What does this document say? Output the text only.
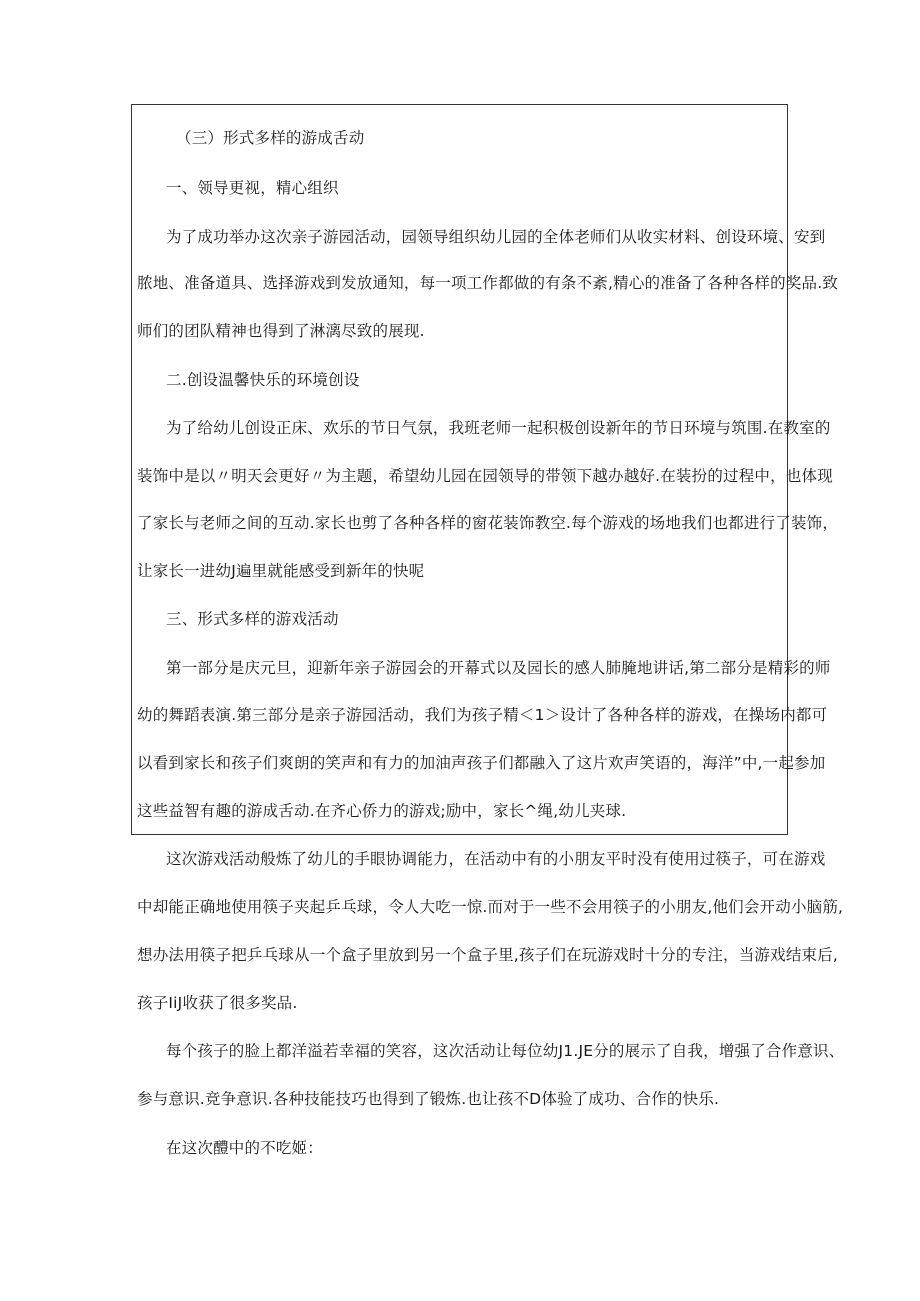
（三）形式多样的游成舌动

一、领导更视，精心组织

为了成功举办这次亲子游园活动，园领导组织幼儿园的全体老师们从收实材料、创设环境、安到

脓地、准备道具、选择游戏到发放通知，每一项工作都做的有条不紊,精心的准备了各种各样的奖品.致

师们的团队精神也得到了淋漓尽致的展现.

二.创设温馨快乐的环境创设

为了给幼儿创设正床、欢乐的节日气氛，我班老师一起积极创设新年的节日环境与筑围.在教室的

装饰中是以〃明天会更好〃为主题，希望幼儿园在园领导的带领下越办越好.在装扮的过程中，也体现

了家长与老师之间的互动.家长也剪了各种各样的窗花装饰教空.每个游戏的场地我们也都进行了装饰，

让家长一进幼J遍里就能感受到新年的快呢

三、形式多样的游戏活动

第一部分是庆元旦，迎新年亲子游园会的开幕式以及园长的感人肺腌地讲话,第二部分是精彩的师

幼的舞蹈表演.第三部分是亲子游园活动，我们为孩子精＜1＞设计了各种各样的游戏，在操场内都可

以看到家长和孩子们爽朗的笑声和有力的加油声孩子们都融入了这片欢声笑语的，海洋”中,一起参加

这些益智有趣的游成舌动.在齐心侨力的游戏;励中，家长^绳,幼儿夹球.

这次游戏活动般炼了幼儿的手眼协调能力，在活动中有的小朋友平时没有使用过筷子，可在游戏

中却能正确地使用筷子夹起乒乓球，令人大吃一惊.而对于一些不会用筷子的小朋友,他们会开动小脑筋,

想办法用筷子把乒乓球从一个盒子里放到另一个盒子里,孩子们在玩游戏时十分的专注，当游戏结束后,

孩子IiJ收获了很多奖品.

每个孩子的脸上都洋溢若幸福的笑容，这次活动让每位幼J1.JE分的展示了自我，增强了合作意识、

参与意识.竞争意识.各种技能技巧也得到了锻炼.也让孩不D体验了成功、合作的快乐.

在这次醴中的不吃姬：
